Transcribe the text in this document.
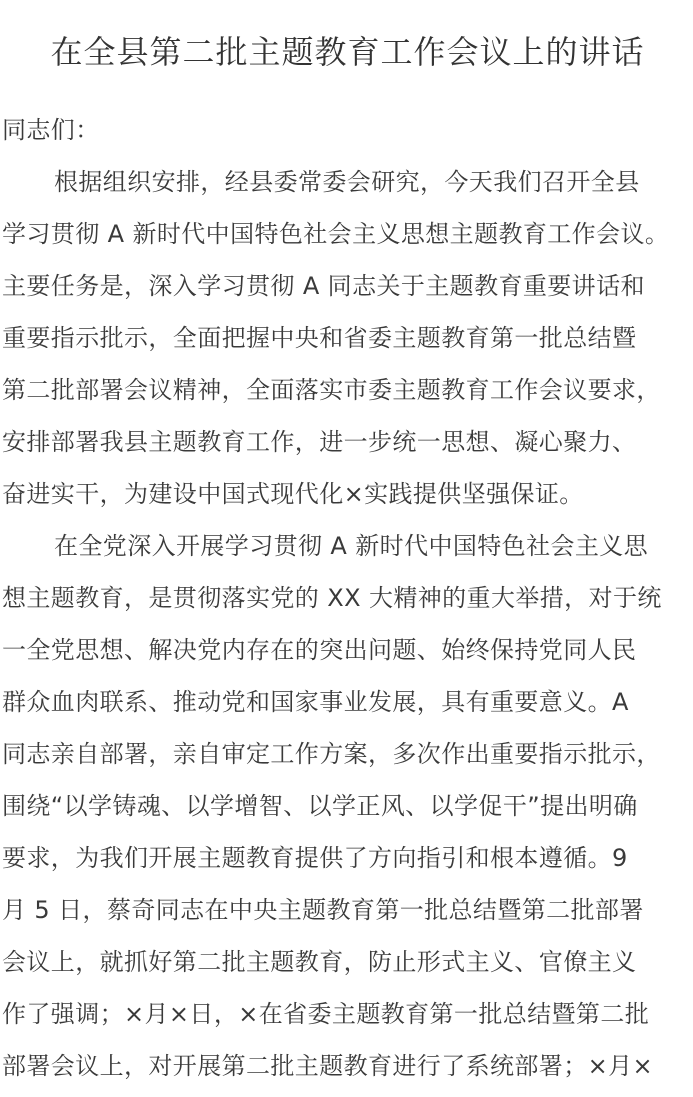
在全县第二批主题教育工作会议上的讲话

同志们：

根据组织安排，经县委常委会研究，今天我们召开全县
学习贯彻 A 新时代中国特色社会主义思想主题教育工作会议。
主要任务是，深入学习贯彻 A 同志关于主题教育重要讲话和
重要指示批示，全面把握中央和省委主题教育第一批总结暨
第二批部署会议精神，全面落实市委主题教育工作会议要求，
安排部署我县主题教育工作，进一步统一思想、凝心聚力、
奋进实干，为建设中国式现代化×实践提供坚强保证。

在全党深入开展学习贯彻 A 新时代中国特色社会主义思
想主题教育，是贯彻落实党的 XX 大精神的重大举措，对于统
一全党思想、解决党内存在的突出问题、始终保持党同人民
群众血肉联系、推动党和国家事业发展，具有重要意义。A
同志亲自部署，亲自审定工作方案，多次作出重要指示批示，
围绕“以学铸魂、以学增智、以学正风、以学促干”提出明确
要求，为我们开展主题教育提供了方向指引和根本遵循。9
月 5 日，蔡奇同志在中央主题教育第一批总结暨第二批部署
会议上，就抓好第二批主题教育，防止形式主义、官僚主义
作了强调；×月×日，×在省委主题教育第一批总结暨第二批
部署会议上，对开展第二批主题教育进行了系统部署；×月×
